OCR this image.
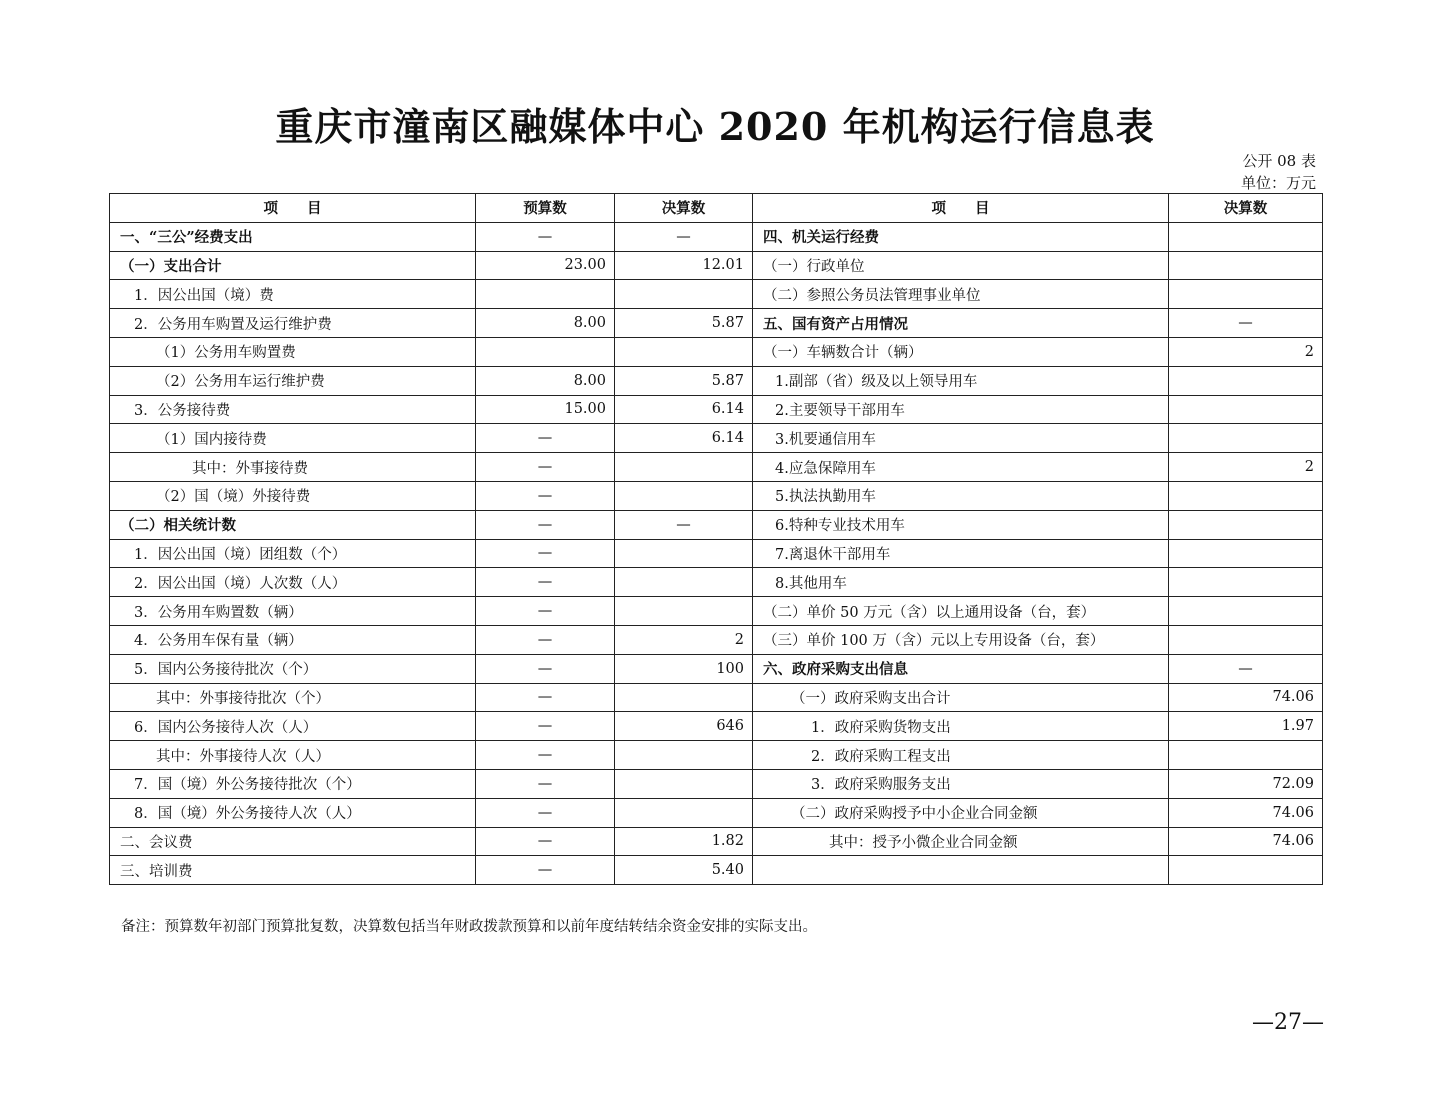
重庆市潼南区融媒体中心 2020 年机构运行信息表
公开 08 表
单位：万元
项　　目	预算数	决算数	项　　目	决算数
一、“三公”经费支出	—	—	四、机关运行经费	
（一）支出合计	23.00	12.01	（一）行政单位	
1．因公出国（境）费			（二）参照公务员法管理事业单位	
2．公务用车购置及运行维护费	8.00	5.87	五、国有资产占用情况	—
（1）公务用车购置费			（一）车辆数合计（辆）	2
（2）公务用车运行维护费	8.00	5.87	1.副部（省）级及以上领导用车	
3．公务接待费	15.00	6.14	2.主要领导干部用车	
（1）国内接待费	—	6.14	3.机要通信用车	
其中：外事接待费	—		4.应急保障用车	2
（2）国（境）外接待费	—		5.执法执勤用车	
（二）相关统计数	—	—	6.特种专业技术用车	
1．因公出国（境）团组数（个）	—		7.离退休干部用车	
2．因公出国（境）人次数（人）	—		8.其他用车	
3．公务用车购置数（辆）	—		（二）单价 50 万元（含）以上通用设备（台，套）	
4．公务用车保有量（辆）	—	2	（三）单价 100 万（含）元以上专用设备（台，套）	
5．国内公务接待批次（个）	—	100	六、政府采购支出信息	—
其中：外事接待批次（个）	—		（一）政府采购支出合计	74.06
6．国内公务接待人次（人）	—	646	1．政府采购货物支出	1.97
其中：外事接待人次（人）	—		2．政府采购工程支出	
7．国（境）外公务接待批次（个）	—		3．政府采购服务支出	72.09
8．国（境）外公务接待人次（人）	—		（二）政府采购授予中小企业合同金额	74.06
二、会议费	—	1.82	其中：授予小微企业合同金额	74.06
三、培训费	—	5.40		
备注：预算数年初部门预算批复数，决算数包括当年财政拨款预算和以前年度结转结余资金安排的实际支出。
—27—
